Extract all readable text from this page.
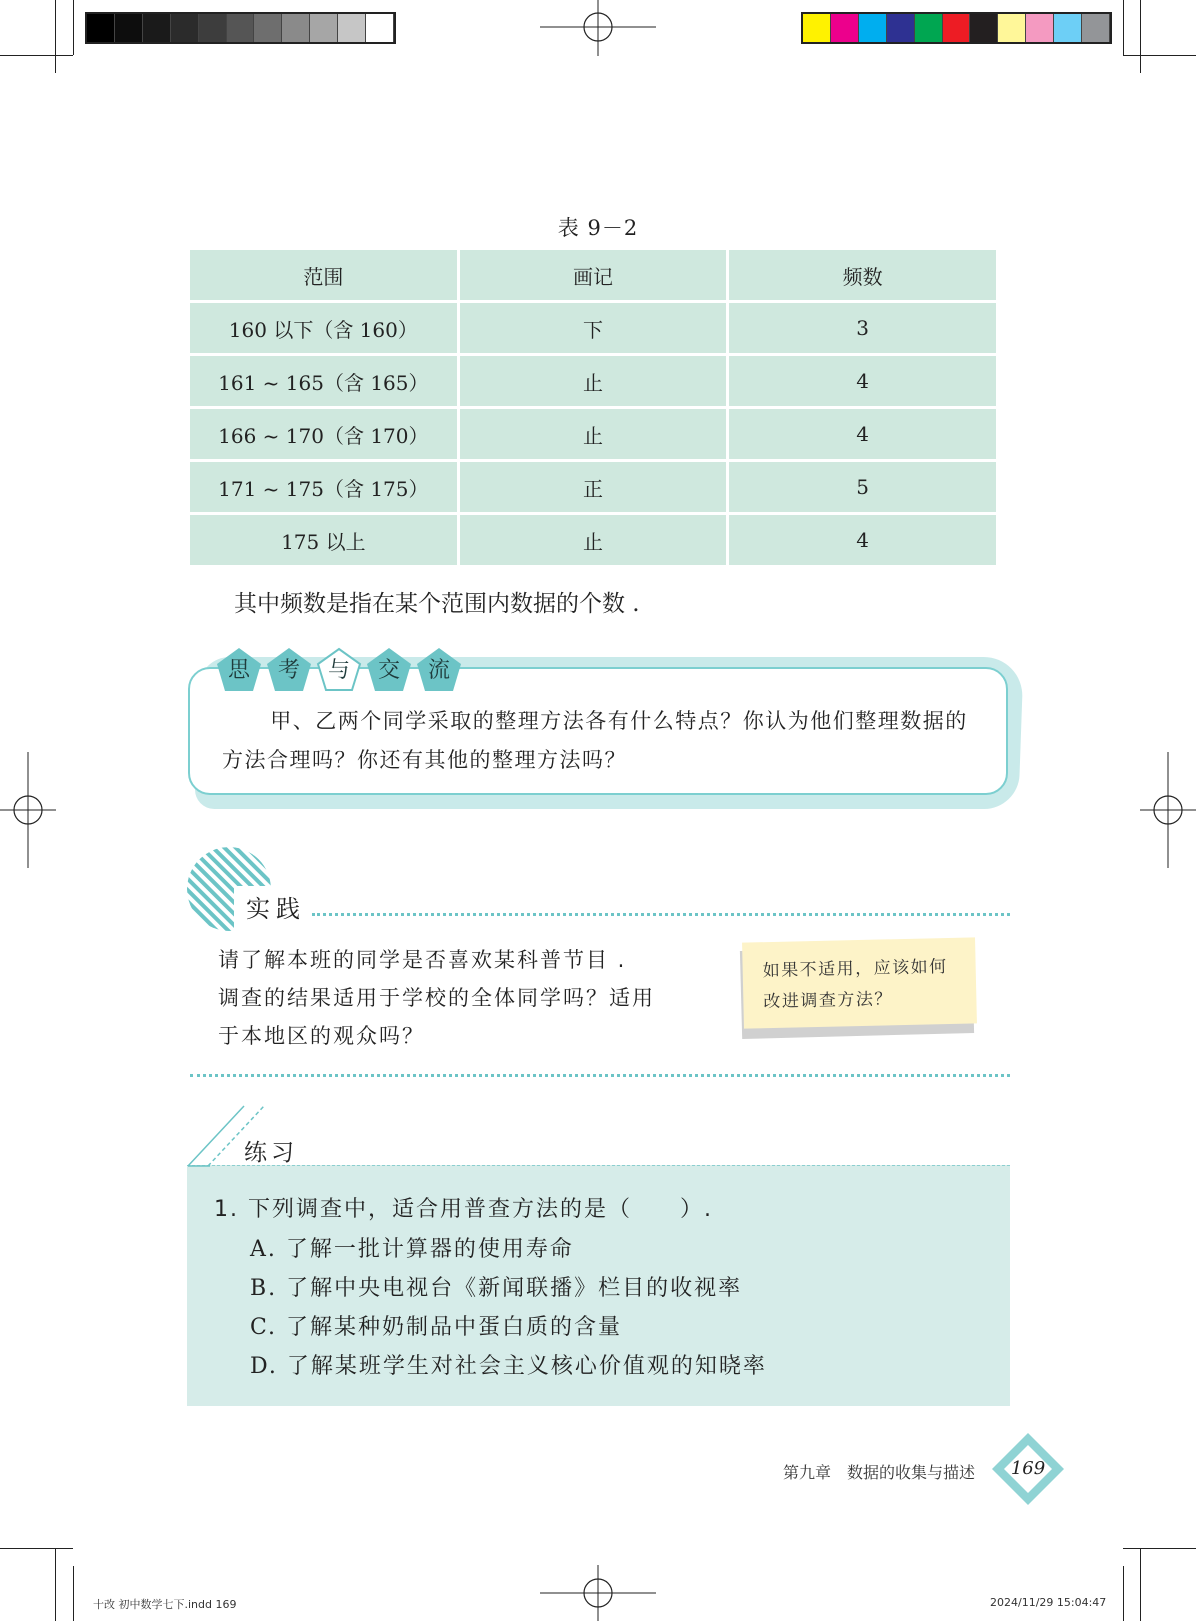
表 9－2
范围	画记	频数
160 以下（含 160）	下	3
161 ~ 165（含 165）	止	4
166 ~ 170（含 170）	止	4
171 ~ 175（含 175）	正	5
175 以上	止	4
其中频数是指在某个范围内数据的个数 .
思	考	与	交	流
甲、乙两个同学采取的整理方法各有什么特点？你认为他们整理数据的方法合理吗？你还有其他的整理方法吗？
实践
请了解本班的同学是否喜欢某科普节目 .
调查的结果适用于学校的全体同学吗？适用
于本地区的观众吗？
如果不适用，应该如何
改进调查方法？
练习
1. 下列调查中，适合用普查方法的是（　　）.
A. 了解一批计算器的使用寿命
B. 了解中央电视台《新闻联播》栏目的收视率
C. 了解某种奶制品中蛋白质的含量
D. 了解某班学生对社会主义核心价值观的知晓率
第九章　数据的收集与描述	169
十改 初中数学七下.indd 169	2024/11/29 15:04:47
